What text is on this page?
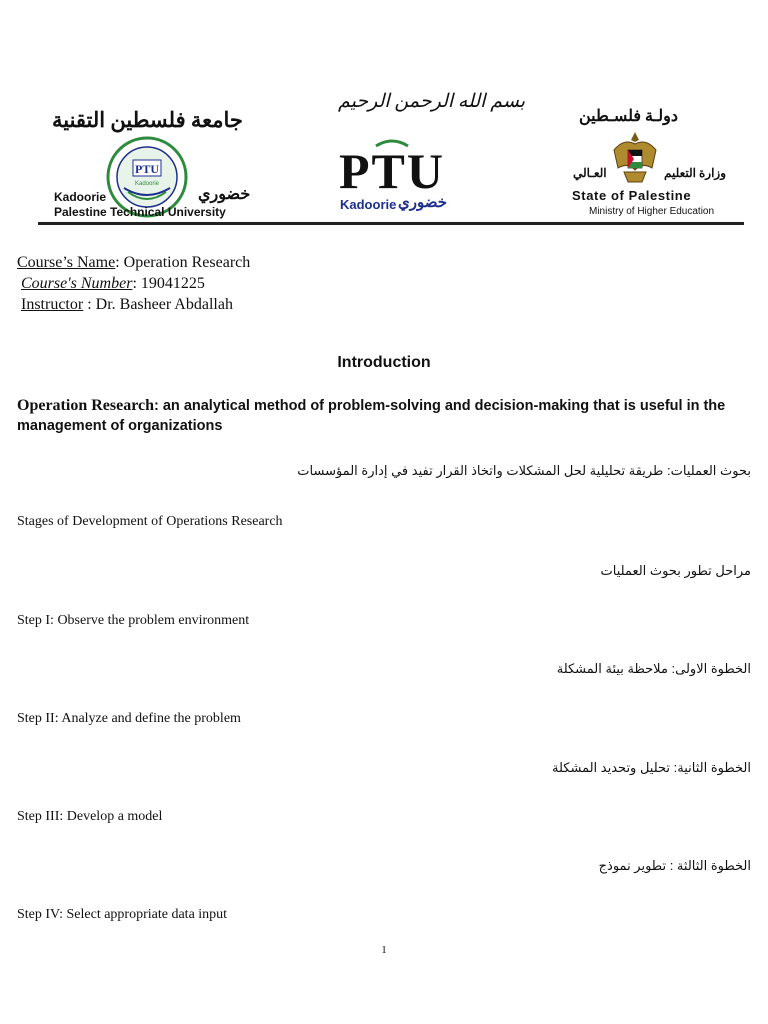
جامعة فلسطين التقنية
PTU
Kadoorie
Kadoorie	خضوري
Palestine Technical University
بسم الله الرحمن الرحيم
PTU
Kadoorie خضوري
دولـة فلسـطين
وزارة التعليم
العـالي
State of Palestine
Ministry of Higher Education
Course’s Name: Operation Research
Course's Number: 19041225
Instructor : Dr. Basheer Abdallah
Introduction
Operation Research: an analytical method of problem-solving and decision-making that is useful in the management of organizations
بحوث العمليات: طريقة تحليلية لحل المشكلات واتخاذ القرار تفيد في إدارة المؤسسات
Stages of Development of Operations Research
مراحل تطور بحوث العمليات
Step I: Observe the problem environment
الخطوة الاولى: ملاحظة بيئة المشكلة
Step II: Analyze and define the problem
الخطوة الثانية: تحليل وتحديد المشكلة
Step III: Develop a model
الخطوة الثالثة : تطوير نموذج
Step IV: Select appropriate data input
1
